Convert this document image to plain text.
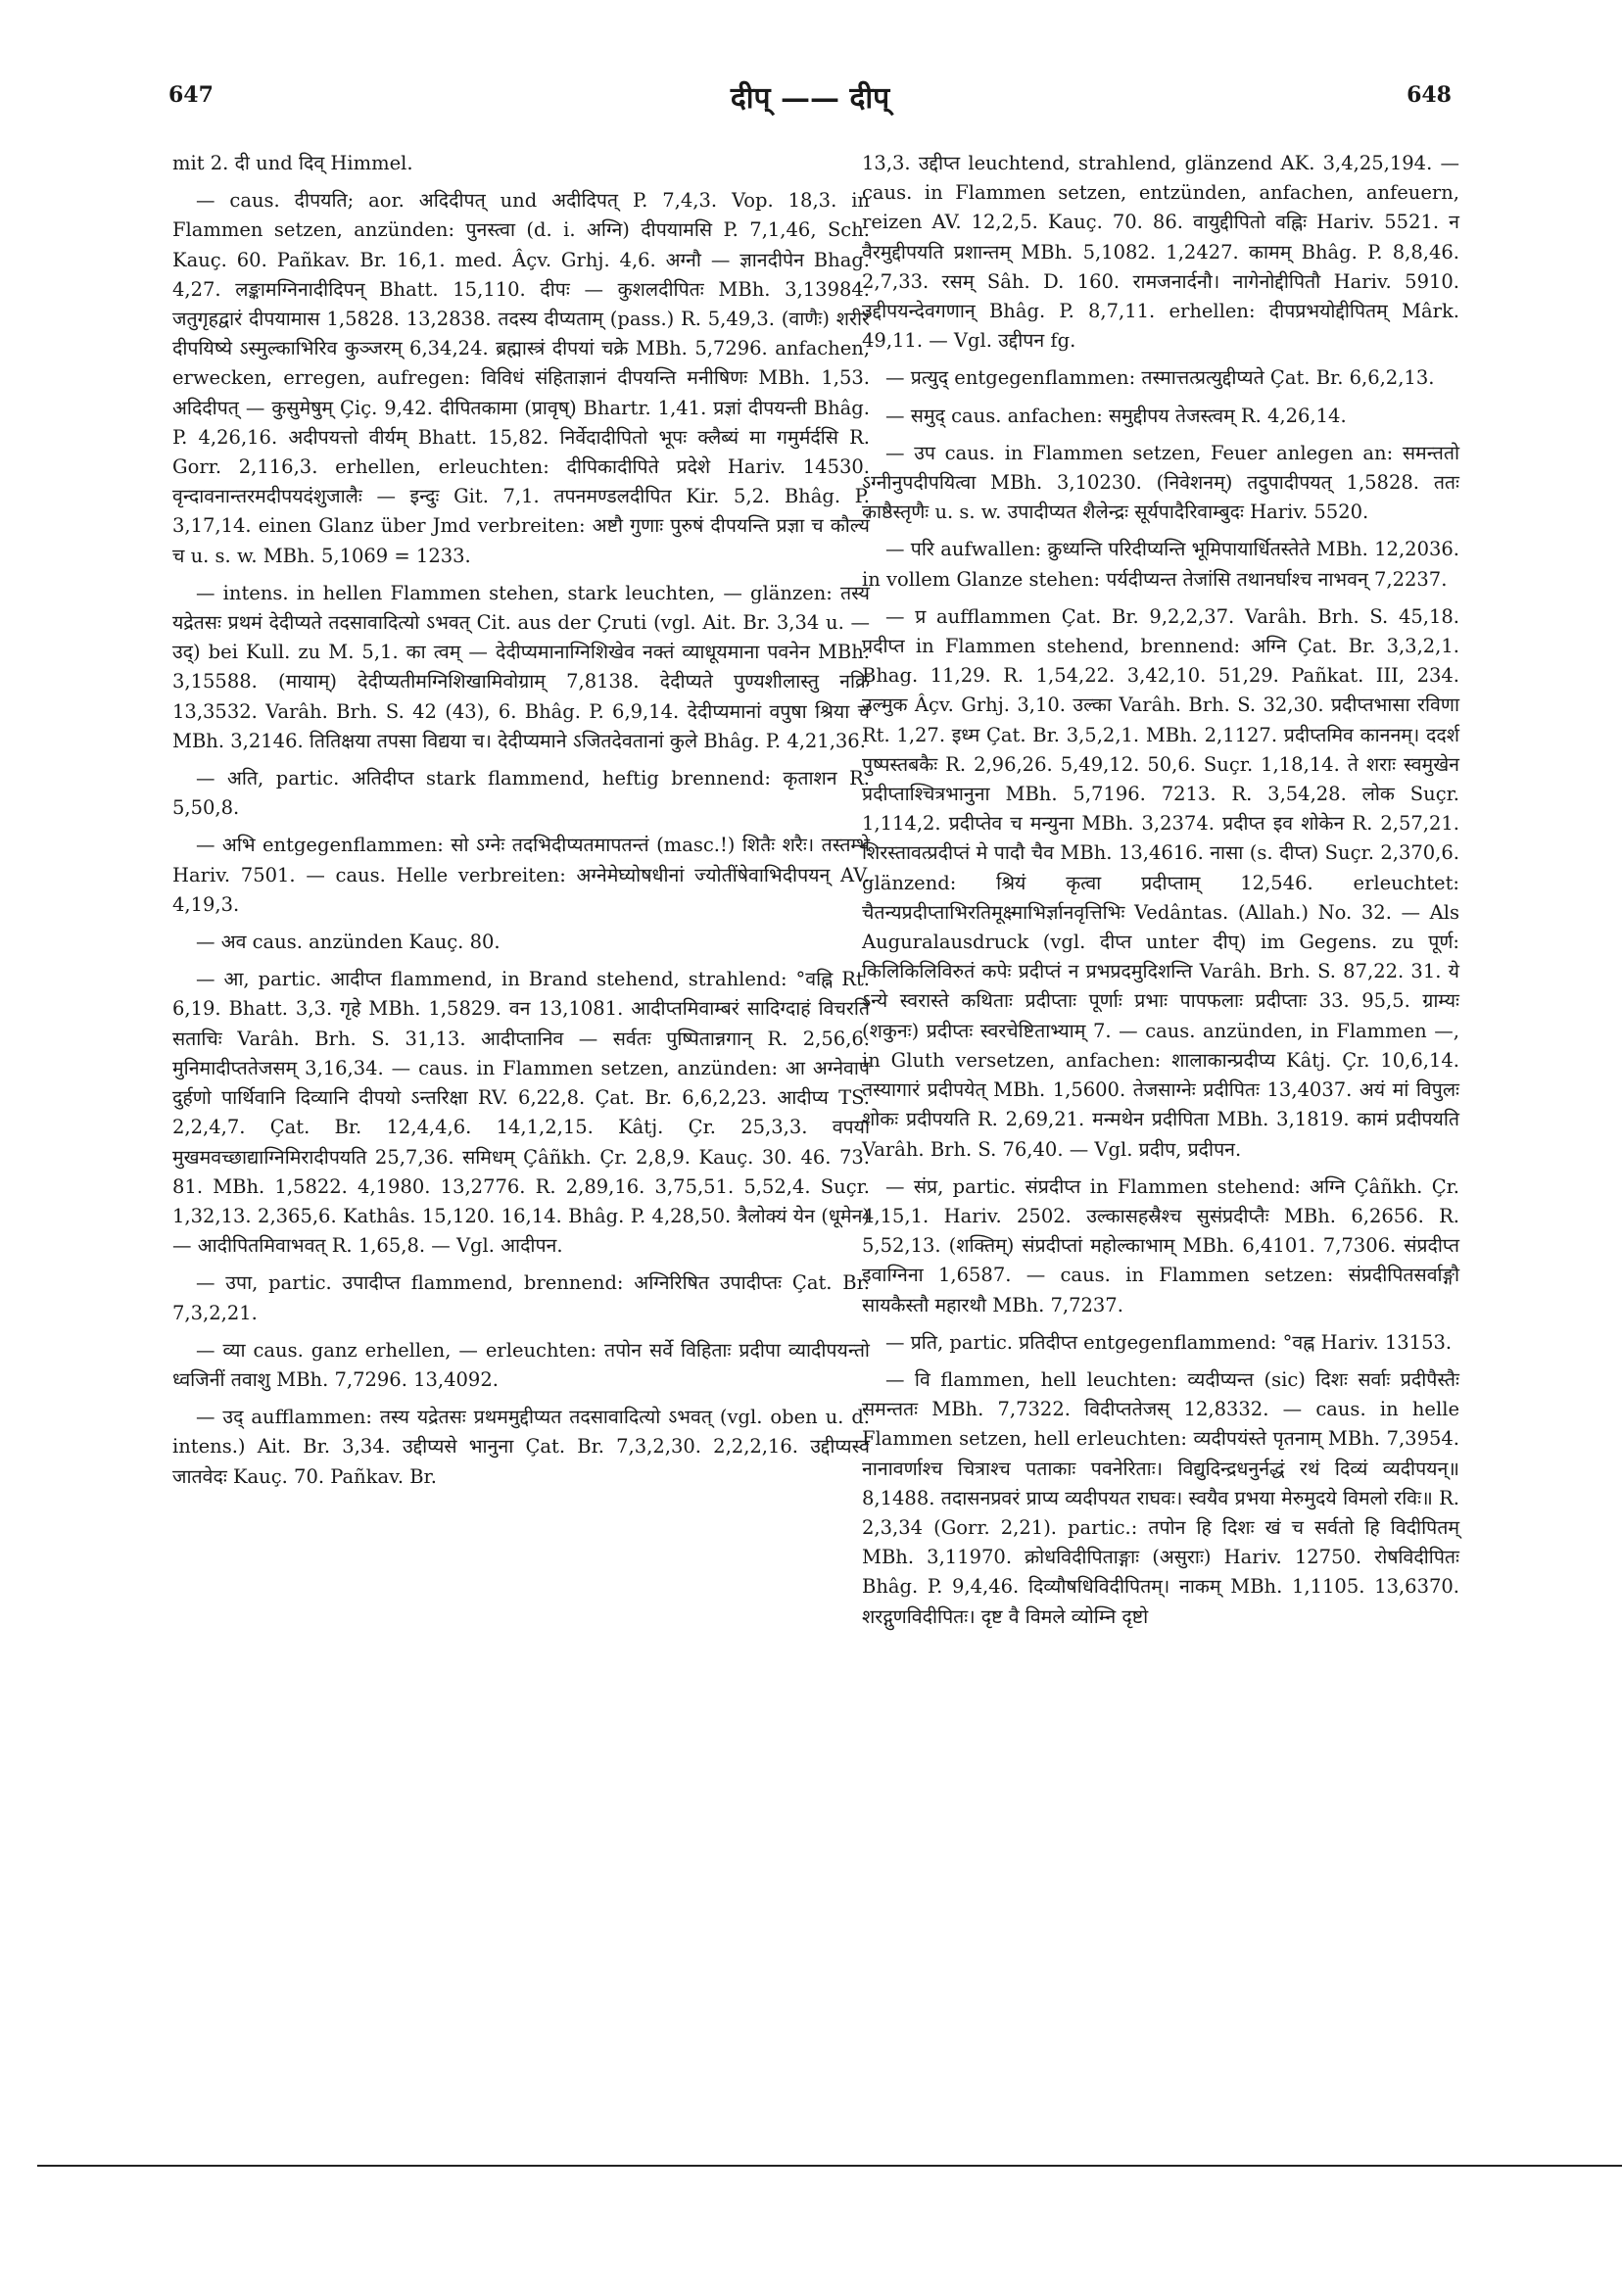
647	दीप् —— दीप्	648

mit 2. दी und दिव् Himmel.

— caus. दीपयति; aor. अदिदीपत् und अदीदिपत् P. 7,4,3. Vop. 18,3. in Flammen setzen, anzünden: पुनस्त्वा (d. i. अग्नि) दीपयामसि P. 7,1,46, Sch. Kauç. 60. Pañkav. Br. 16,1. med. Âçv. Grhj. 4,6. अग्नौ — ज्ञानदीपेन Bhag. 4,27. लङ्कामग्निनादीदिपन् Bhatt. 15,110. दीपः — कुशलदीपितः MBh. 3,13984. जतुगृहद्वारं दीपयामास 1,5828. 13,2838. तदस्य दीप्यताम् (pass.) R. 5,49,3. (वाणैः) शरीरं दीपयिष्ये ऽस्मुल्काभिरिव कुञ्जरम् 6,34,24. ब्रह्मास्त्रं दीपयां चक्रे MBh. 5,7296. anfachen, erwecken, erregen, aufregen: विविधं संहिताज्ञानं दीपयन्ति मनीषिणः MBh. 1,53. अदिदीपत् — कुसुमेषुम् Çiç. 9,42. दीपितकामा (प्रावृष्) Bhartr. 1,41. प्रज्ञां दीपयन्ती Bhâg. P. 4,26,16. अदीपयत्तो वीर्यम् Bhatt. 15,82. निर्वेदादीपितो भूपः क्लैब्यं मा गमुर्मर्दसि R. Gorr. 2,116,3. erhellen, erleuchten: दीपिकादीपिते प्रदेशे Hariv. 14530. वृन्दावनान्तरमदीपयदंशुजालैः — इन्दुः Git. 7,1. तपनमण्डलदीपित Kir. 5,2. Bhâg. P. 3,17,14. einen Glanz über Jmd verbreiten: अष्टौ गुणाः पुरुषं दीपयन्ति प्रज्ञा च कौल्यं च u. s. w. MBh. 5,1069 = 1233.

— intens. in hellen Flammen stehen, stark leuchten, — glänzen: तस्य यद्रेतसः प्रथमं देदीप्यते तदसावादित्यो ऽभवत् Cit. aus der Çruti (vgl. Ait. Br. 3,34 u. — उद्) bei Kull. zu M. 5,1. का त्वम् — देदीप्यमानाग्निशिखेव नक्तं व्याधूयमाना पवनेन MBh. 3,15588. (मायाम्) देदीप्यतीमग्निशिखामिवोग्राम् 7,8138. देदीप्यते पुण्यशीलास्तु नक्रि 13,3532. Varâh. Brh. S. 42 (43), 6. Bhâg. P. 6,9,14. देदीप्यमानां वपुषा श्रिया च MBh. 3,2146. तितिक्षया तपसा विद्यया च। देदीप्यमाने ऽजितदेवतानां कुले Bhâg. P. 4,21,36.

— अति, partic. अतिदीप्त stark flammend, heftig brennend: कृताशन R. 5,50,8.

— अभि entgegenflammen: सो ऽग्नेः तदभिदीप्यतमापतन्तं (masc.!) शितैः शरैः। तस्तम्भे Hariv. 7501. — caus. Helle verbreiten: अग्नेमेघ्योषधीनां ज्योतींषेवाभिदीपयन् AV. 4,19,3.

— अव caus. anzünden Kauç. 80.

— आ, partic. आदीप्त flammend, in Brand stehend, strahlend: °वह्नि Rt. 6,19. Bhatt. 3,3. गृहे MBh. 1,5829. वन 13,1081. आदीप्तमिवाम्बरं सादिग्दाहं विचरति सताचिः Varâh. Brh. S. 31,13. आदीप्तानिव — सर्वतः पुष्पितान्नगान् R. 2,56,6. मुनिमादीप्ततेजसम् 3,16,34. — caus. in Flammen setzen, anzünden: आ अग्नेवाप दुर्हणो पार्थिवानि दिव्यानि दीपयो ऽन्तरिक्षा RV. 6,22,8. Çat. Br. 6,6,2,23. आदीप्य TS. 2,2,4,7. Çat. Br. 12,4,4,6. 14,1,2,15. Kâtj. Çr. 25,3,3. वपया मुखमवच्छाद्याग्निमिरादीपयति 25,7,36. समिधम् Çâñkh. Çr. 2,8,9. Kauç. 30. 46. 73. 81. MBh. 1,5822. 4,1980. 13,2776. R. 2,89,16. 3,75,51. 5,52,4. Suçr. 1,32,13. 2,365,6. Kathâs. 15,120. 16,14. Bhâg. P. 4,28,50. त्रैलोक्यं येन (धूमेन) — आदीपितमिवाभवत् R. 1,65,8. — Vgl. आदीपन.

— उपा, partic. उपादीप्त flammend, brennend: अग्निरिषित उपादीप्तः Çat. Br. 7,3,2,21.

— व्या caus. ganz erhellen, — erleuchten: तपोन सर्वे विहिताः प्रदीपा व्यादीपयन्तो ध्वजिनीं तवाशु MBh. 7,7296. 13,4092.

— उद् aufflammen: तस्य यद्रेतसः प्रथममुद्दीप्यत तदसावादित्यो ऽभवत् (vgl. oben u. d. intens.) Ait. Br. 3,34. उद्दीप्यसे भानुना Çat. Br. 7,3,2,30. 2,2,2,16. उद्दीप्यस्व जातवेदः Kauç. 70. Pañkav. Br.

13,3. उद्दीप्त leuchtend, strahlend, glänzend AK. 3,4,25,194. — caus. in Flammen setzen, entzünden, anfachen, anfeuern, reizen AV. 12,2,5. Kauç. 70. 86. वायुद्दीपितो वह्निः Hariv. 5521. न वैरमुद्दीपयति प्रशान्तम् MBh. 5,1082. 1,2427. कामम् Bhâg. P. 8,8,46. 2,7,33. रसम् Sâh. D. 160. रामजनार्दनौ। नागेनोद्दीपितौ Hariv. 5910. उद्दीपयन्देवगणान् Bhâg. P. 8,7,11. erhellen: दीपप्रभयोद्दीपितम् Mârk. 49,11. — Vgl. उद्दीपन fg.

— प्रत्युद् entgegenflammen: तस्मात्तत्प्रत्युद्दीप्यते Çat. Br. 6,6,2,13.

— समुद् caus. anfachen: समुद्दीपय तेजस्त्वम् R. 4,26,14.

— उप caus. in Flammen setzen, Feuer anlegen an: समन्ततो ऽग्नीनुपदीपयित्वा MBh. 3,10230. (निवेशनम्) तदुपादीपयत् 1,5828. ततः काष्ठैस्तृणैः u. s. w. उपादीप्यत शैलेन्द्रः सूर्यपादैरिवाम्बुदः Hariv. 5520.

— परि aufwallen: क्रुध्यन्ति परिदीप्यन्ति भूमिपायार्धितस्तेते MBh. 12,2036. in vollem Glanze stehen: पर्यदीप्यन्त तेजांसि तथानर्घाश्च नाभवन् 7,2237.

— प्र aufflammen Çat. Br. 9,2,2,37. Varâh. Brh. S. 45,18. प्रदीप्त in Flammen stehend, brennend: अग्नि Çat. Br. 3,3,2,1. Bhag. 11,29. R. 1,54,22. 3,42,10. 51,29. Pañkat. III, 234. उल्मुक Âçv. Grhj. 3,10. उल्का Varâh. Brh. S. 32,30. प्रदीप्तभासा रविणा Rt. 1,27. इध्म Çat. Br. 3,5,2,1. MBh. 2,1127. प्रदीप्तमिव काननम्। ददर्श पुष्पस्तबकैः R. 2,96,26. 5,49,12. 50,6. Suçr. 1,18,14. ते शराः स्वमुखेन प्रदीप्ताश्चित्रभानुना MBh. 5,7196. 7213. R. 3,54,28. लोक Suçr. 1,114,2. प्रदीप्तेव च मन्युना MBh. 3,2374. प्रदीप्त इव शोकेन R. 2,57,21. शिरस्तावत्प्रदीप्तं मे पादौ चैव MBh. 13,4616. नासा (s. दीप्त) Suçr. 2,370,6. glänzend: श्रियं कृत्वा प्रदीप्ताम् 12,546. erleuchtet: चैतन्यप्रदीप्ताभिरतिमूक्ष्माभिर्ज्ञानवृत्तिभिः Vedântas. (Allah.) No. 32. — Als Auguralausdruck (vgl. दीप्त unter दीप्) im Gegens. zu पूर्ण: किलिकिलिविरुतं कपेः प्रदीप्तं न प्रभप्रदमुदिशन्ति Varâh. Brh. S. 87,22. 31. ये ऽन्ये स्वरास्ते कथिताः प्रदीप्ताः पूर्णाः प्रभाः पापफलाः प्रदीप्ताः 33. 95,5. ग्राम्यः (शकुनः) प्रदीप्तः स्वरचेष्टिताभ्याम् 7. — caus. anzünden, in Flammen —, in Gluth versetzen, anfachen: शालाकान्प्रदीप्य Kâtj. Çr. 10,6,14. तस्यागारं प्रदीपयेत् MBh. 1,5600. तेजसाग्नेः प्रदीपितः 13,4037. अयं मां विपुलः शोकः प्रदीपयति R. 2,69,21. मन्मथेन प्रदीपिता MBh. 3,1819. कामं प्रदीपयति Varâh. Brh. S. 76,40. — Vgl. प्रदीप, प्रदीपन.

— संप्र, partic. संप्रदीप्त in Flammen stehend: अग्नि Çâñkh. Çr. 4,15,1. Hariv. 2502. उल्कासहस्रैश्च सुसंप्रदीप्तैः MBh. 6,2656. R. 5,52,13. (शक्तिम्) संप्रदीप्तां महोल्काभाम् MBh. 6,4101. 7,7306. संप्रदीप्त इवाग्निना 1,6587. — caus. in Flammen setzen: संप्रदीपितसर्वाङ्गौ सायकैस्तौ महारथौ MBh. 7,7237.

— प्रति, partic. प्रतिदीप्त entgegenflammend: °वह्न Hariv. 13153.

— वि flammen, hell leuchten: व्यदीप्यन्त (sic) दिशः सर्वाः प्रदीपैस्तैः समन्ततः MBh. 7,7322. विदीप्ततेजस् 12,8332. — caus. in helle Flammen setzen, hell erleuchten: व्यदीपयंस्ते पृतनाम् MBh. 7,3954. नानावर्णाश्च चित्राश्च पताकाः पवनेरिताः। विद्युदिन्द्रधनुर्नद्धं रथं दिव्यं व्यदीपयन्॥ 8,1488. तदासनप्रवरं प्राप्य व्यदीपयत राघवः। स्वयैव प्रभया मेरुमुदये विमलो रविः॥ R. 2,3,34 (Gorr. 2,21). partic.: तपोन हि दिशः खं च सर्वतो हि विदीपितम् MBh. 3,11970. क्रोधविदीपिताङ्गाः (असुराः) Hariv. 12750. रोषविदीपितः Bhâg. P. 9,4,46. दिव्यौषधिविदीपितम्। नाकम् MBh. 1,1105. 13,6370. शरद्गुणविदीपितः। दृष्ट वै विमले व्योम्नि दृष्टो
